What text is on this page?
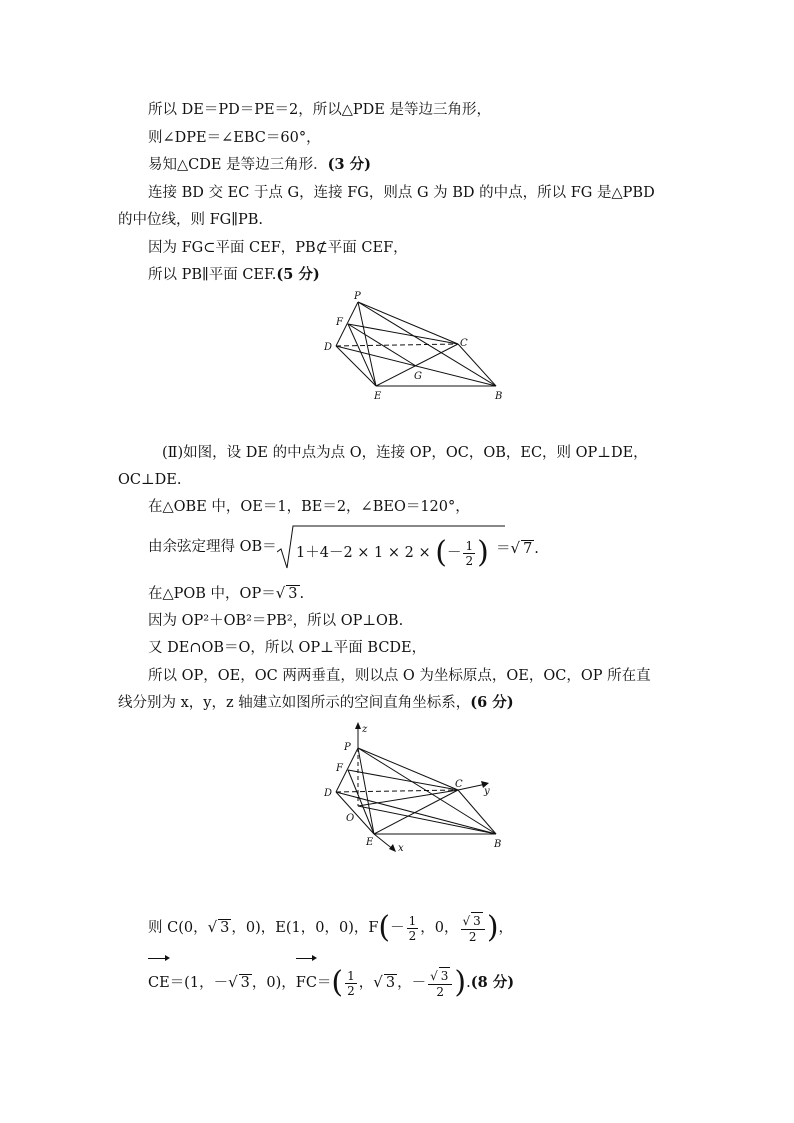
所以 DE＝PD＝PE＝2，所以△PDE 是等边三角形，
则∠DPE＝∠EBC＝60°，
易知△CDE 是等边三角形．(3 分)
连接 BD 交 EC 于点 G，连接 FG，则点 G 为 BD 的中点，所以 FG 是△PBD
的中位线，则 FG∥PB.
因为 FG⊂平面 CEF，PB⊄平面 CEF，
所以 PB∥平面 CEF.(5 分)
P
F
C
D
G
E	B
(Ⅱ)如图，设 DE 的中点为点 O，连接 OP，OC，OB，EC，则 OP⊥DE，
OC⊥DE.
在△OBE 中，OE＝1，BE＝2，∠BEO＝120°，
由余弦定理得 OB＝ 1＋4－2 × 1 × 2 × (－ $\frac{1}{2}$ ) ＝√ 7 .
在△POB 中，OP＝√ 3 .
因为 OP²＋OB²＝PB²，所以 OP⊥OB.
又 DE∩OB＝O，所以 OP⊥平面 BCDE，
所以 OP，OE，OC 两两垂直，则以点 O 为坐标原点，OE，OC，OP 所在直
线分别为 x，y，z 轴建立如图所示的空间直角坐标系，(6 分)
z
P
F
C
y
D
O
E
x	B
则 C(0，√ 3 ，0)，E(1，0，0)，$F(- \frac{1}{2}$ ，0， $\frac{√ 3}{2}$ )，
CE＝(1，－√ 3 ，0)，$FC=( \frac{1}{2}$ ，√ 3 ，－ $\frac{√ 3}{2} ).(8$ 分)
